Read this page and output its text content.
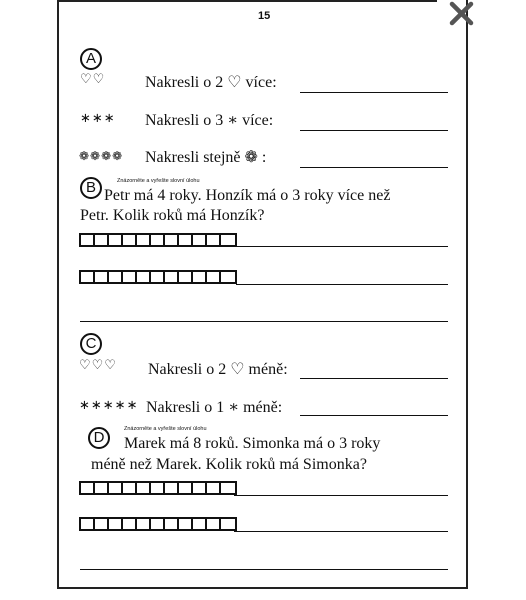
15
A
♡♡ Nakresli o 2 ♡ více:
∗∗∗ Nakresli o 3 ∗ více:
❁❁❁❁ Nakresli stejně ❁ :
B	Znázorněte a vyřešte slovní úlohu
Petr má 4 roky. Honzík má o 3 roky více než
Petr. Kolik roků má Honzík?
C
♡♡♡ Nakresli o 2 ♡ méně:
∗∗∗∗∗ Nakresli o 1 ∗ méně:
D	Znázorněte a vyřešte slovní úlohu
Marek má 8 roků. Simonka má o 3 roky
méně než Marek. Kolik roků má Simonka?
